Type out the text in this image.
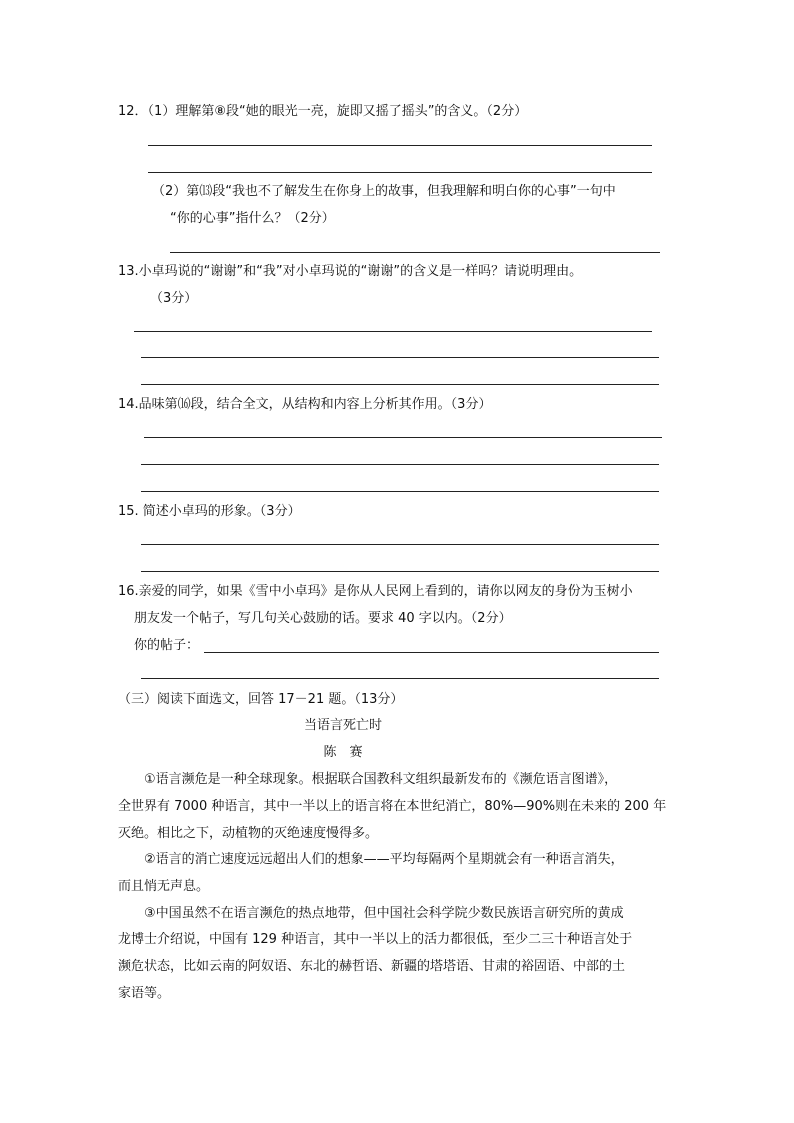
12．（1）理解第⑧段“她的眼光一亮，旋即又摇了摇头”的含义。（2分）
（2）第⒀段“我也不了解发生在你身上的故事，但我理解和明白你的心事”一句中
“你的心事”指什么？（2分）
13.小卓玛说的“谢谢”和“我”对小卓玛说的“谢谢”的含义是一样吗？请说明理由。
（3分）
14.品味第⒃段，结合全文，从结构和内容上分析其作用。（3分）
15. 简述小卓玛的形象。（3分）
16.亲爱的同学，如果《雪中小卓玛》是你从人民网上看到的，请你以网友的身份为玉树小
朋友发一个帖子，写几句关心鼓励的话。要求 40 字以内。（2分）
你的帖子：
（三）阅读下面选文，回答 17－21 题。（13分）
当语言死亡时
陈　赛
①语言濒危是一种全球现象。根据联合国教科文组织最新发布的《濒危语言图谱》，
全世界有 7000 种语言，其中一半以上的语言将在本世纪消亡，80%—90%则在未来的 200 年
灭绝。相比之下，动植物的灭绝速度慢得多。
②语言的消亡速度远远超出人们的想象——平均每隔两个星期就会有一种语言消失，
而且悄无声息。
③中国虽然不在语言濒危的热点地带，但中国社会科学院少数民族语言研究所的黄成
龙博士介绍说，中国有 129 种语言，其中一半以上的活力都很低，至少二三十种语言处于
濒危状态，比如云南的阿奴语、东北的赫哲语、新疆的塔塔语、甘肃的裕固语、中部的土
家语等。
